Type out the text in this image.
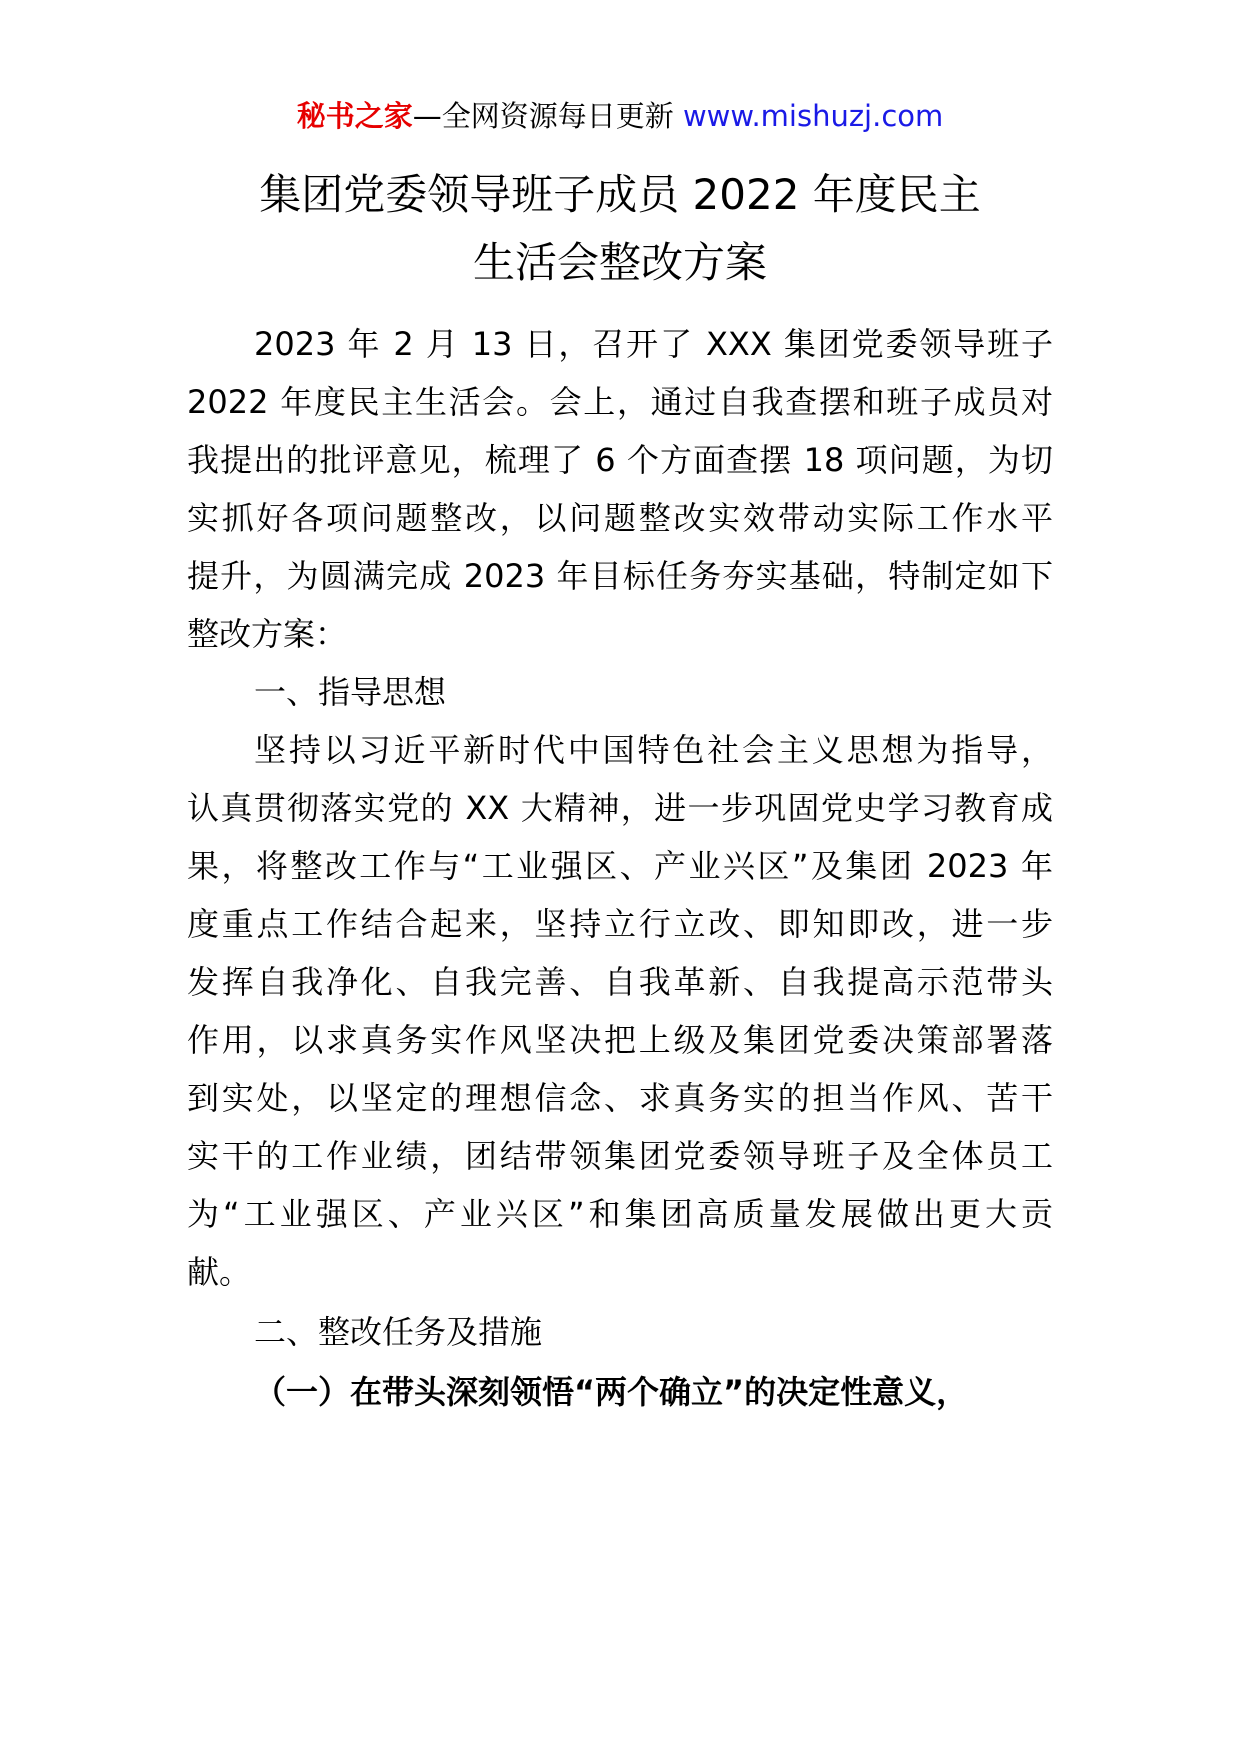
秘书之家—全网资源每日更新 www.mishuzj.com
集团党委领导班子成员 2022 年度民主
生活会整改方案
2023 年 2 月 13 日，召开了 XXX 集团党委领导班子
2022 年度民主生活会。会上，通过自我查摆和班子成员对
我提出的批评意见，梳理了 6 个方面查摆 18 项问题，为切
实抓好各项问题整改，以问题整改实效带动实际工作水平
提升，为圆满完成 2023 年目标任务夯实基础，特制定如下
整改方案：
一、指导思想
坚持以习近平新时代中国特色社会主义思想为指导，
认真贯彻落实党的 XX 大精神，进一步巩固党史学习教育成
果，将整改工作与“工业强区、产业兴区”及集团 2023 年
度重点工作结合起来，坚持立行立改、即知即改，进一步
发挥自我净化、自我完善、自我革新、自我提高示范带头
作用，以求真务实作风坚决把上级及集团党委决策部署落
到实处，以坚定的理想信念、求真务实的担当作风、苦干
实干的工作业绩，团结带领集团党委领导班子及全体员工
为“工业强区、产业兴区”和集团高质量发展做出更大贡
献。
二、整改任务及措施
（一）在带头深刻领悟“两个确立”的决定性意义，
